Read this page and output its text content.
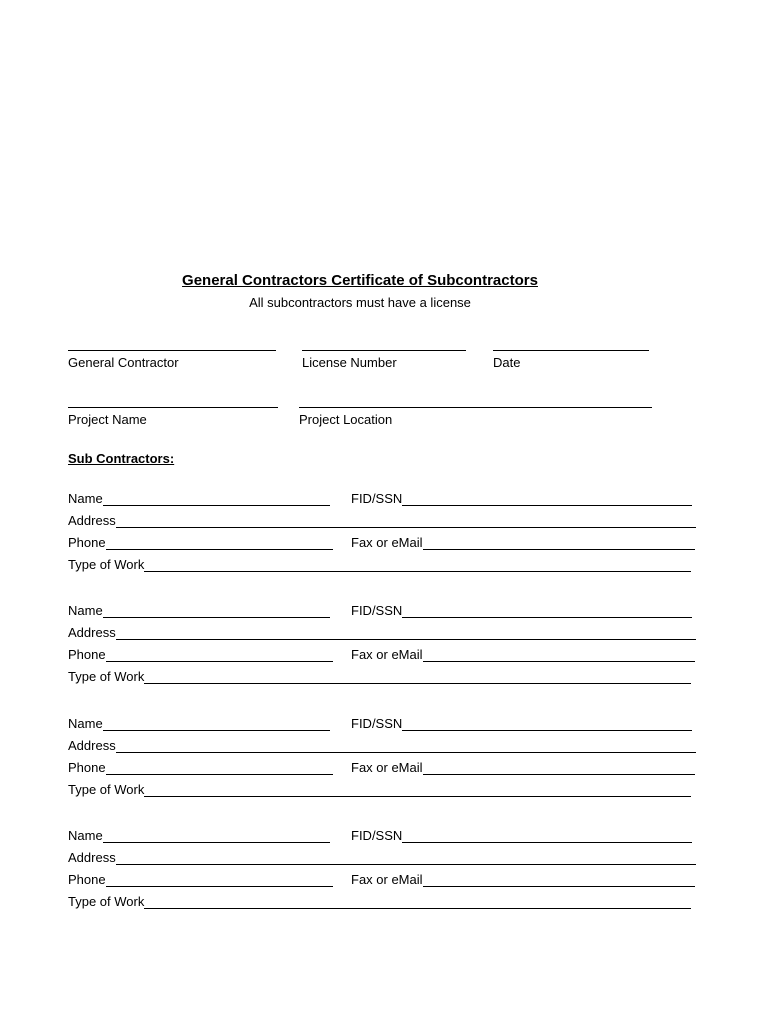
General Contractors Certificate of Subcontractors
All subcontractors must have a license
General Contractor	License Number	Date
Project Name	Project Location
Sub Contractors:
Name	FID/SSN
Address
Phone	Fax or eMail
Type of Work
Name	FID/SSN
Address
Phone	Fax or eMail
Type of Work
Name	FID/SSN
Address
Phone	Fax or eMail
Type of Work
Name	FID/SSN
Address
Phone	Fax or eMail
Type of Work
